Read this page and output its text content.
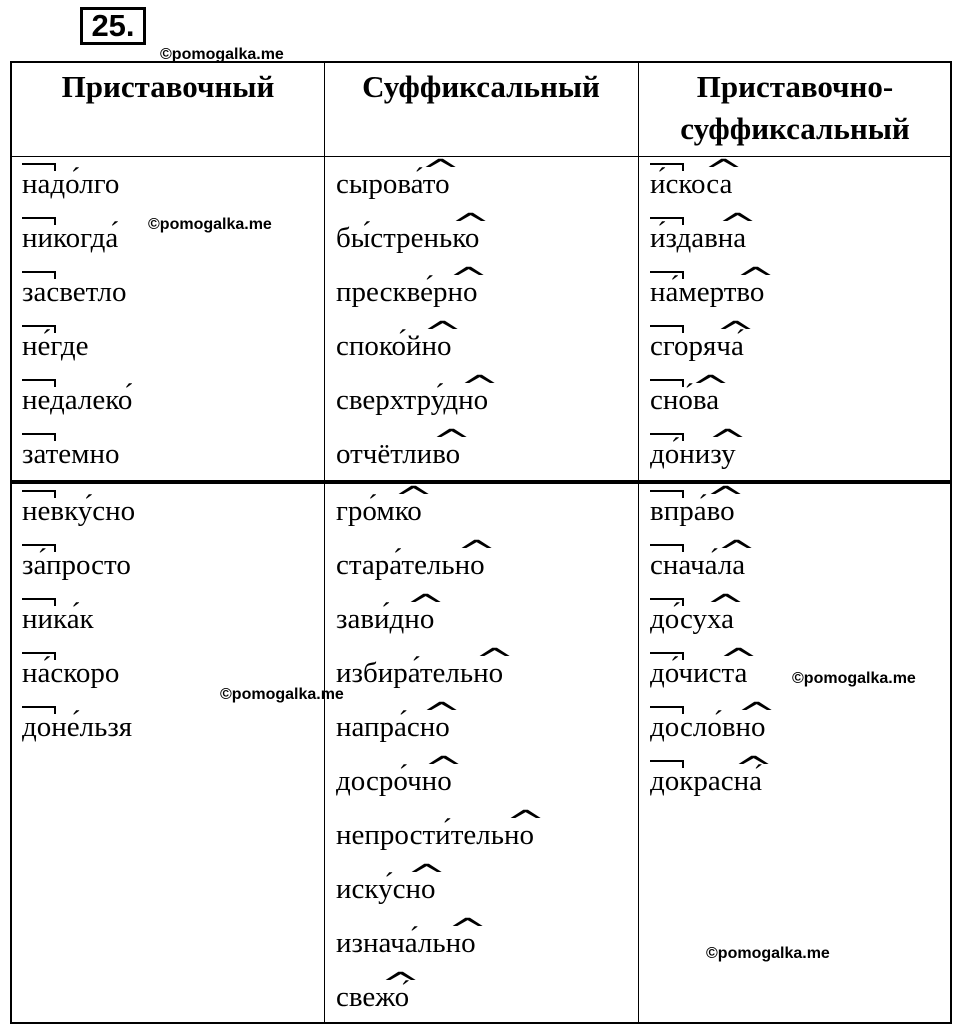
25.
©pomogalka.me
Приставочный	Суффиксальный	Приставочно-
суффиксальный
надо́лго
никогда́
засветло
не́где
недалеко́
затемно
©pomogalka.me
сырова́то ^
бы́стренько ^
прескве́рно ^
споко́йно ^
сверхтру́дно ^
отчётливо ^
и́скоса ^
и́здавна ^
на́мертво ^
сгоряча́ ^
сно́ва ^
до́низу ^
невку́сно
за́просто
ника́к
на́скоро
доне́льзя
©pomogalka.me
гро́мко ^
стара́тельно ^
зави́дно ^
избира́тельно ^
напра́сно ^
досро́чно ^
непрости́тельно ^
иску́сно ^
изнача́льно ^
свежо́ ^
впра́во ^
снача́ла ^
до́суха ^
до́чиста ^
досло́вно ^
докрасна́ ^
©pomogalka.me
©pomogalka.me
